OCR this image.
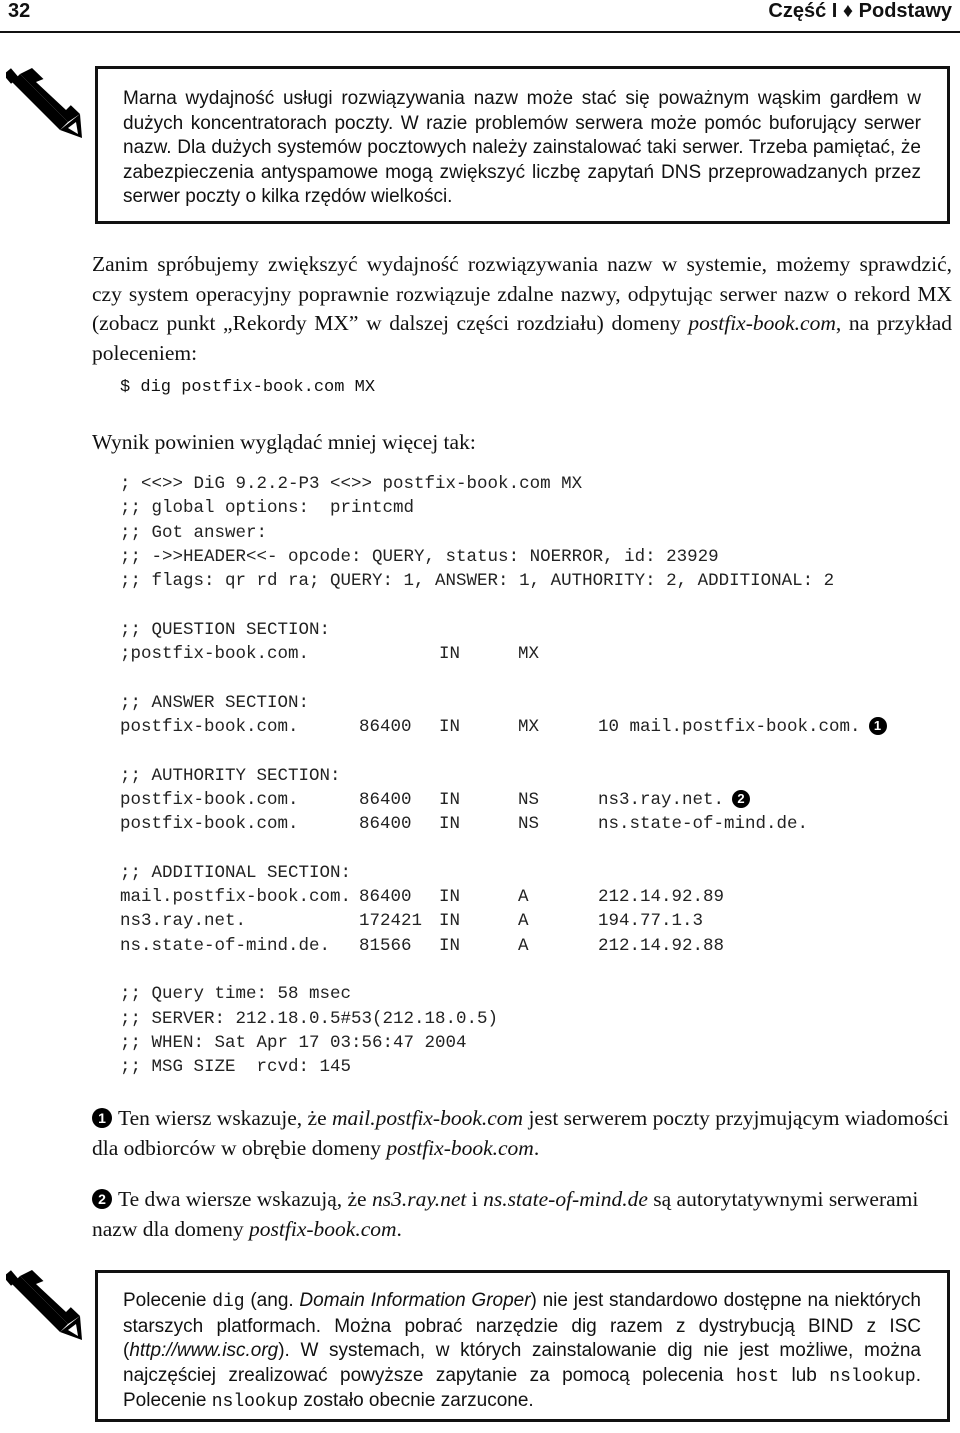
32	Część I ♦ Podstawy

Marna wydajność usługi rozwiązywania nazw może stać się poważnym wąskim gardłem w dużych koncentratorach poczty. W razie problemów serwera może pomóc buforujący serwer nazw. Dla dużych systemów pocztowych należy zainstalować taki serwer. Trzeba pamiętać, że zabezpieczenia antyspamowe mogą zwiększyć liczbę zapytań DNS przeprowadzanych przez serwer poczty o kilka rzędów wielkości.

Zanim spróbujemy zwiększyć wydajność rozwiązywania nazw w systemie, możemy sprawdzić, czy system operacyjny poprawnie rozwiązuje zdalne nazwy, odpytując serwer nazw o rekord MX (zobacz punkt „Rekordy MX” w dalszej części rozdziału) domeny postfix-book.com, na przykład poleceniem:

$ dig postfix-book.com MX

Wynik powinien wyglądać mniej więcej tak:

; <<>> DiG 9.2.2-P3 <<>> postfix-book.com MX
;; global options:  printcmd
;; Got answer:
;; ->>HEADER<<- opcode: QUERY, status: NOERROR, id: 23929
;; flags: qr rd ra; QUERY: 1, ANSWER: 1, AUTHORITY: 2, ADDITIONAL: 2
;; QUESTION SECTION:
;postfix-book.com.		IN	MX	
;; ANSWER SECTION:
postfix-book.com.	86400	IN	MX	10 mail.postfix-book.com. 1
;; AUTHORITY SECTION:
postfix-book.com.	86400	IN	NS	ns3.ray.net. 2
postfix-book.com.	86400	IN	NS	ns.state-of-mind.de.
;; ADDITIONAL SECTION:
mail.postfix-book.com.	86400	IN	A	212.14.92.89
ns3.ray.net.	172421	IN	A	194.77.1.3
ns.state-of-mind.de.	81566	IN	A	212.14.92.88
;; Query time: 58 msec
;; SERVER: 212.18.0.5#53(212.18.0.5)
;; WHEN: Sat Apr 17 03:56:47 2004
;; MSG SIZE  rcvd: 145

1 Ten wiersz wskazuje, że mail.postfix-book.com jest serwerem poczty przyjmującym wiadomości dla odbiorców w obrębie domeny postfix-book.com.

2 Te dwa wiersze wskazują, że ns3.ray.net i ns.state-of-mind.de są autorytatywnymi serwerami nazw dla domeny postfix-book.com.

Polecenie dig (ang. Domain Information Groper) nie jest standardowo dostępne na niektórych starszych platformach. Można pobrać narzędzie dig razem z dystrybucją BIND z ISC (http://www.isc.org). W systemach, w których zainstalowanie dig nie jest możliwe, można najczęściej zrealizować powyższe zapytanie za pomocą polecenia host lub nslookup. Polecenie nslookup zostało obecnie zarzucone.
